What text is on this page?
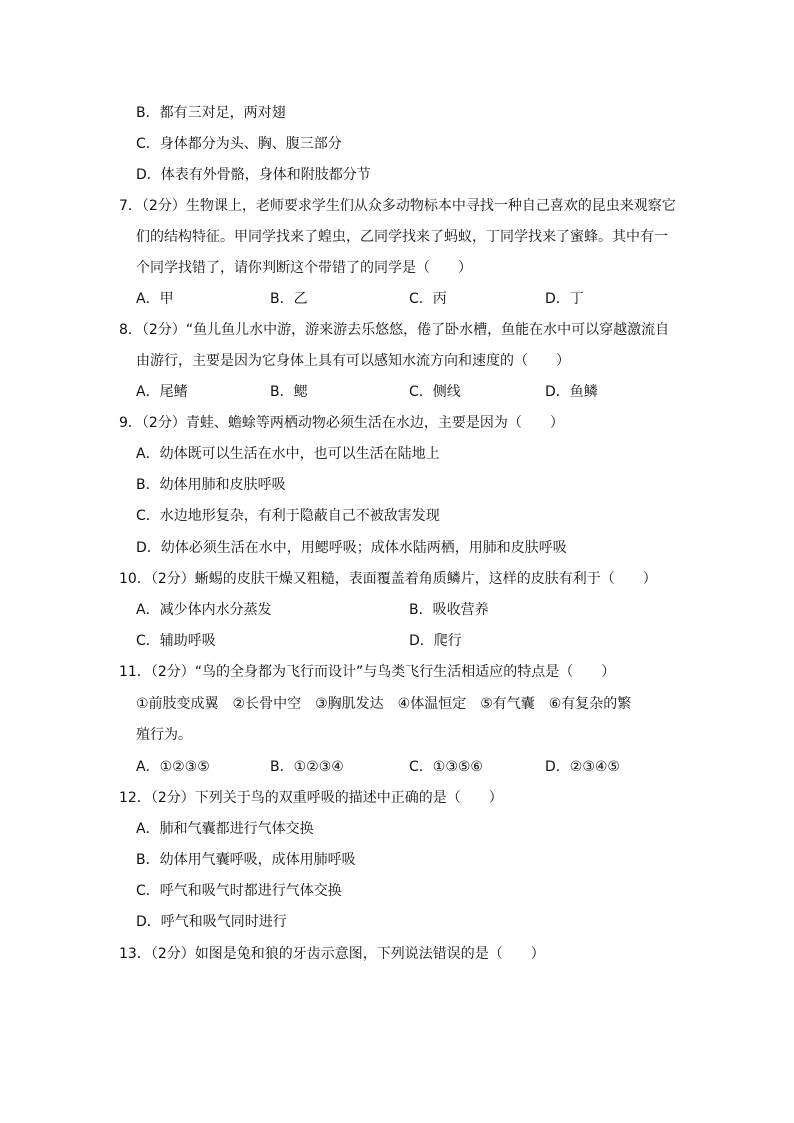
B．都有三对足，两对翅
C．身体都分为头、胸、腹三部分
D．体表有外骨骼，身体和附肢都分节
7．（2分）生物课上，老师要求学生们从众多动物标本中寻找一种自己喜欢的昆虫来观察它
们的结构特征。甲同学找来了蝗虫，乙同学找来了蚂蚁，丁同学找来了蜜蜂。其中有一
个同学找错了，请你判断这个带错了的同学是（　　）
A．甲	B．乙	C．丙	D．丁
8．（2分）“鱼儿鱼儿水中游，游来游去乐悠悠，倦了卧水槽，鱼能在水中可以穿越激流自
由游行，主要是因为它身体上具有可以感知水流方向和速度的（　　）
A．尾鳍	B．鳃	C．侧线	D．鱼鳞
9．（2分）青蛙、蟾蜍等两栖动物必须生活在水边，主要是因为（　　）
A．幼体既可以生活在水中，也可以生活在陆地上
B．幼体用肺和皮肤呼吸
C．水边地形复杂，有利于隐蔽自己不被敌害发现
D．幼体必须生活在水中，用鳃呼吸；成体水陆两栖，用肺和皮肤呼吸
10．（2分）蜥蜴的皮肤干燥又粗糙，表面覆盖着角质鳞片，这样的皮肤有利于（　　）
A．减少体内水分蒸发	B．吸收营养
C．辅助呼吸	D．爬行
11．（2分）“鸟的全身都为飞行而设计”与鸟类飞行生活相适应的特点是（　　）
①前肢变成翼　②长骨中空　③胸肌发达　④体温恒定　⑤有气囊　⑥有复杂的繁
殖行为。
A．①②③⑤	B．①②③④	C．①③⑤⑥	D．②③④⑤
12．（2分）下列关于鸟的双重呼吸的描述中正确的是（　　）
A．肺和气囊都进行气体交换
B．幼体用气囊呼吸，成体用肺呼吸
C．呼气和吸气时都进行气体交换
D．呼气和吸气同时进行
13．（2分）如图是兔和狼的牙齿示意图，下列说法错误的是（　　）
